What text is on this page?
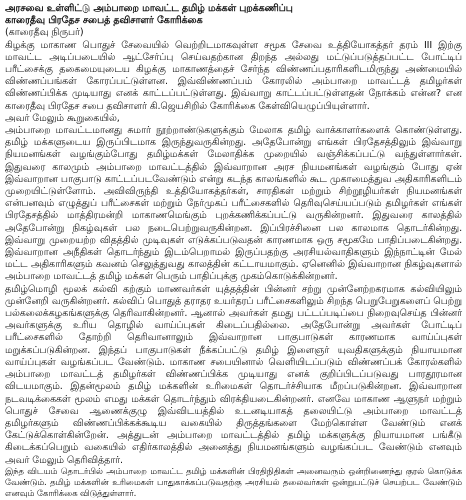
அரசவை உள்ளிட்டு அம்பாறை மாவட்ட தமிழ் மக்கள் புறக்கணிப்பு

காரைதீவு பிரதேச சபைத் தவிசாளர் கோரிக்கை

(காரைதீவு நிருபர்)

கிழக்கு மாகாண பொதுச் சேவையில் வெற்றிடமாகவுள்ள சமூக சேவை உத்தியோகத்தர் தரம் III இற்கு மாவட்ட அடிப்படையில் ஆட்சேர்ப்பு செய்வதற்கான திறந்த அல்லது மட்டுப்படுத்தப்பட்ட போட்டிப் பரீட்சைக்கு தகைமையுடைய கிழக்கு மாகாணத்தைச் சேர்ந்த விண்ணப்பதாரிகளிடமிருந்து அண்மையில் விண்ணப்பங்கள் கோரப்பட்டுள்ளன. இவ்விண்ணப்பம் கோரலில் அம்பாறை மாவட்டத் தமிழர்கள் விண்ணப்பிக்க முடியாது எனக் காட்டப்பட்டுள்ளது. இவ்வாறு காட்டப்பட்டுள்ளதன் நோக்கம் என்ன? என காரைதீவு பிரதேச சபை தவிசாளர் கி.ஜெயசிறில் கோரிக்கை கேள்வியெழுப்பியுள்ளார்.

அவர் மேலும் கூறுகையில்,

அம்பாறை மாவட்டமானது சுமார் நூற்றாண்டுகளுக்கும் மேலாக தமிழ் வாக்காளர்களைக் கொண்டுள்ளது. தமிழ் மக்களுடைய இருப்பிடமாக இருந்துவருகின்றது. அதேபோன்று எங்கள் பிரதேசத்திலும் இவ்வாறு நியமனங்கள் வழங்கும்போது தமிழ்மக்கள் மேலாதிக்க முறையில் வஞ்சிக்கப்பட்டு வந்துள்ளார்கள். இதுவரை காலமும் அம்பாறை மாவட்டத்தில் இவ்வாறான அரச நியமனங்கள் வழங்கும் போது ஏன் இவ்வாறான பாகுபாடு காட்டப்படவேண்டும் என்று கடந்த காலங்களில் கூட முகாமைத்துவ அதிகாரிகளிடம் முறையிட்டுள்ளோம். அவிவிருந்தி உத்தியோகத்தர்கள், சாரதிகள் மற்றும் சிற்றூழியர்கள் நியமனங்கள் என்பனவும் எழுத்துப் பரீட்சைகள் மற்றும் நேர்முகப் பரீட்சைகளில் தெரிவுசெய்யப்படும் தமிழர்கள் எங்கள் பிரதேசத்தில் மாத்திரமன்றி மாகாணமெங்கும் புறக்கணிக்கப்பட்டு வருகின்றனர். இதுவரை காலத்தில் அதேபோன்று நிகழ்வுகள் பல நடைபெற்றுவருகின்றன. இப்பிரச்சினை பல காலமாக தொடர்கின்றது. இவ்வாறு முறையற்ற விதத்தில் முடிவுகள் எடுக்கப்படுவதன் காரணமாக ஒரு சமூகமே பாதிப்படைகின்றது. இவ்வாறான அநீதிகள் தொடர்ந்தும் இடம்பெறாமல் இருப்பதற்கு அரசியல்வாதிகளும் இந்நாட்டின் மேல் மட்ட அதிகாரிகளும் கவனம் செலுத்துவது காலத்தின் கட்டாயமாகும். ஏனெனில் இவ்வாறான நிகழ்வுகளால் அம்பாறை மாவட்டத் தமிழ் மக்கள் பெரும் பாதிப்புக்கு முகம்கொடுக்கின்றனர்.

தமிழ்மொழி மூலக் கல்வி கற்கும் மாணவர்கள் யுத்தத்தின் பின்னர் சற்று முன்னேற்றகரமாக கல்வியிலும் முன்னேறி வருகின்றனர். கல்விப் பொதுத் தராதர உயர்தரப் பரீட்சைகளிலும் சிறந்த பெறுபேறுகளைப் பெற்று பல்கலைக்கழகங்களுக்கு தெரிவாகின்றனர். ஆனால் அவர்கள் தமது பட்டப்படிப்பை நிறைவுசெய்த பின்னர் அவர்களுக்கு உரிய தொழில் வாய்ப்புகள் கிடைப்பதில்லை. அதேபோன்று அவர்கள் போட்டிப் பரீட்சைகளில் தோற்றி தெரிவானாலும் இவ்வாறான பாகுபாடுகள் காரணமாக வாய்ப்புகள் மறுக்கப்படுகின்றன. இந்தப் பாகுபாடுகள் நீக்கப்பட்டு தமிழ் இளைஞர் யுவதிகளுக்கும் நியாயமான வாய்ப்புகள் வழங்கப்பட வேண்டும். மாகாண சபையினால் வெளியிடப்படும் விண்ணப்பக் கோரல்களில் அம்பாறை மாவட்டத் தமிழர்கள் விண்ணப்பிக்க முடியாது எனக் குறிப்பிடப்படுவது பாரதூரமான விடயமாகும். இதன்மூலம் தமிழ் மக்களின் உரிமைகள் தொடர்ச்சியாக மீறப்படுகின்றன. இவ்வாறான நடவடிக்கைகள் மூலம் எமது மக்கள் தொடர்ந்தும் விரக்தியடைகின்றனர். எனவே மாகாண ஆளுநர் மற்றும் பொதுச் சேவை ஆணைக்குழு இவ்விடயத்தில் உடனடியாகத் தலையிட்டு அம்பாறை மாவட்டத் தமிழர்களும் விண்ணப்பிக்கக்கூடிய வகையில் திருத்தங்களை மேற்கொள்ள வேண்டும் எனக் கேட்டுக்கொள்கின்றேன். அத்துடன் அம்பாறை மாவட்டத்தில் தமிழ் மக்களுக்கு நியாயமான பங்கீடு கிடைக்கப்பெறும் வகையில் எதிர்காலத்தில் அனைத்து நியமனங்களும் வழங்கப்பட வேண்டும் எனவும் அவர் மேலும் தெரிவித்தார்.

இந்த விடயம் தொடர்பில் அம்பாறை மாவட்ட தமிழ் மக்களின் பிரதிநிதிகள் அனைவரும் ஒன்றிணைந்து குரல் கொடுக்க வேண்டும். தமிழ் மக்களின் உரிமைகள் பாதுகாக்கப்படுவதற்கு அரசியல் தலைவர்கள் ஒன்றுபட்டுச் செயற்பட வேண்டும் எனவும் கோரிக்கை விடுத்துள்ளார்.
